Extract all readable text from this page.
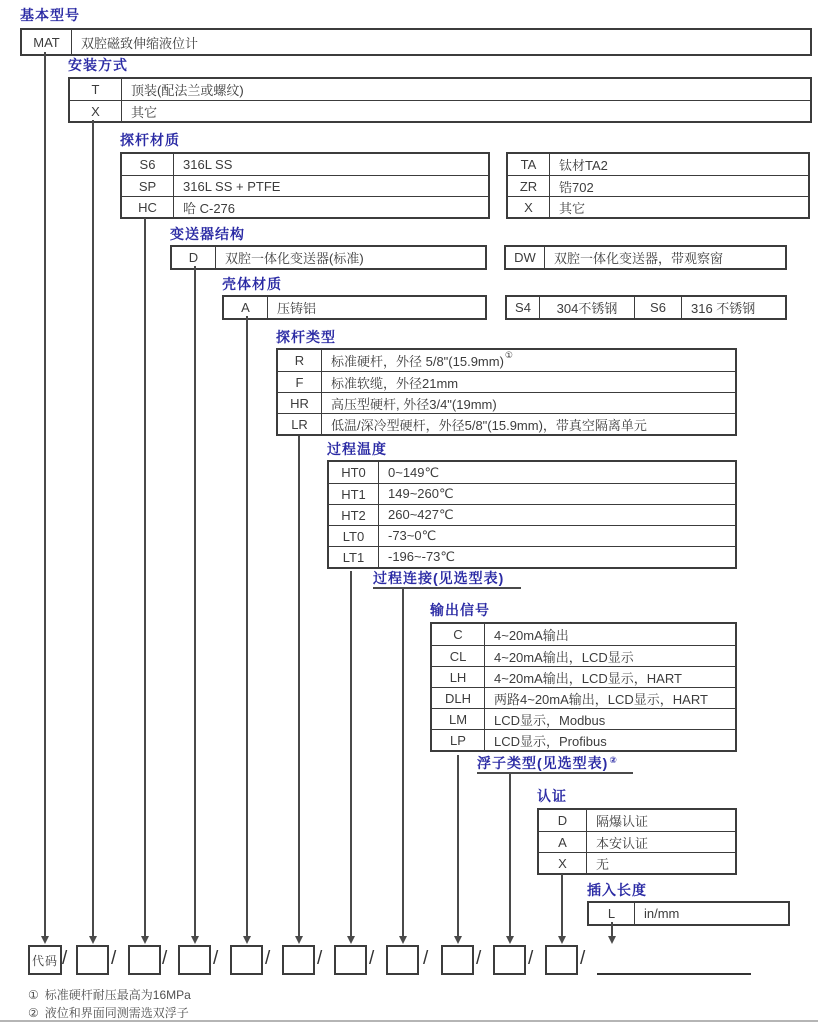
基本型号
MAT	双腔磁致伸缩液位计
安装方式
T	顶装(配法兰或螺纹)
X	其它
探杆材质
S6	316L SS
SP	316L SS + PTFE
HC	哈 C-276
TA	钛材TA2
ZR	锆702
X	其它
变送器结构
D	双腔一体化变送器(标准)	DW	双腔一体化变送器，带观察窗
壳体材质
A	压铸铝	S4	304不锈钢	S6	316 不锈钢
探杆类型
R	标准硬杆，外径 5/8"(15.9mm) ①
F	标准软缆，外径21mm
HR	高压型硬杆, 外径3/4"(19mm)
LR	低温/深冷型硬杆，外径5/8"(15.9mm)，带真空隔离单元
过程温度
HT0	0~149℃
HT1	149~260℃
HT2	260~427℃
LT0	-73~0℃
LT1	-196~-73℃
过程连接(见选型表)
输出信号
C	4~20mA输出
CL	4~20mA输出，LCD显示
LH	4~20mA输出，LCD显示，HART
DLH	两路4~20mA输出，LCD显示，HART
LM	LCD显示，Modbus
LP	LCD显示，Profibus
浮子类型(见选型表)②
认证
D	隔爆认证
A	本安认证
X	无
插入长度
L	in/mm
代码 / / / / / / /	/	/ / /
① 标准硬杆耐压最高为16MPa
② 液位和界面同测需选双浮子
